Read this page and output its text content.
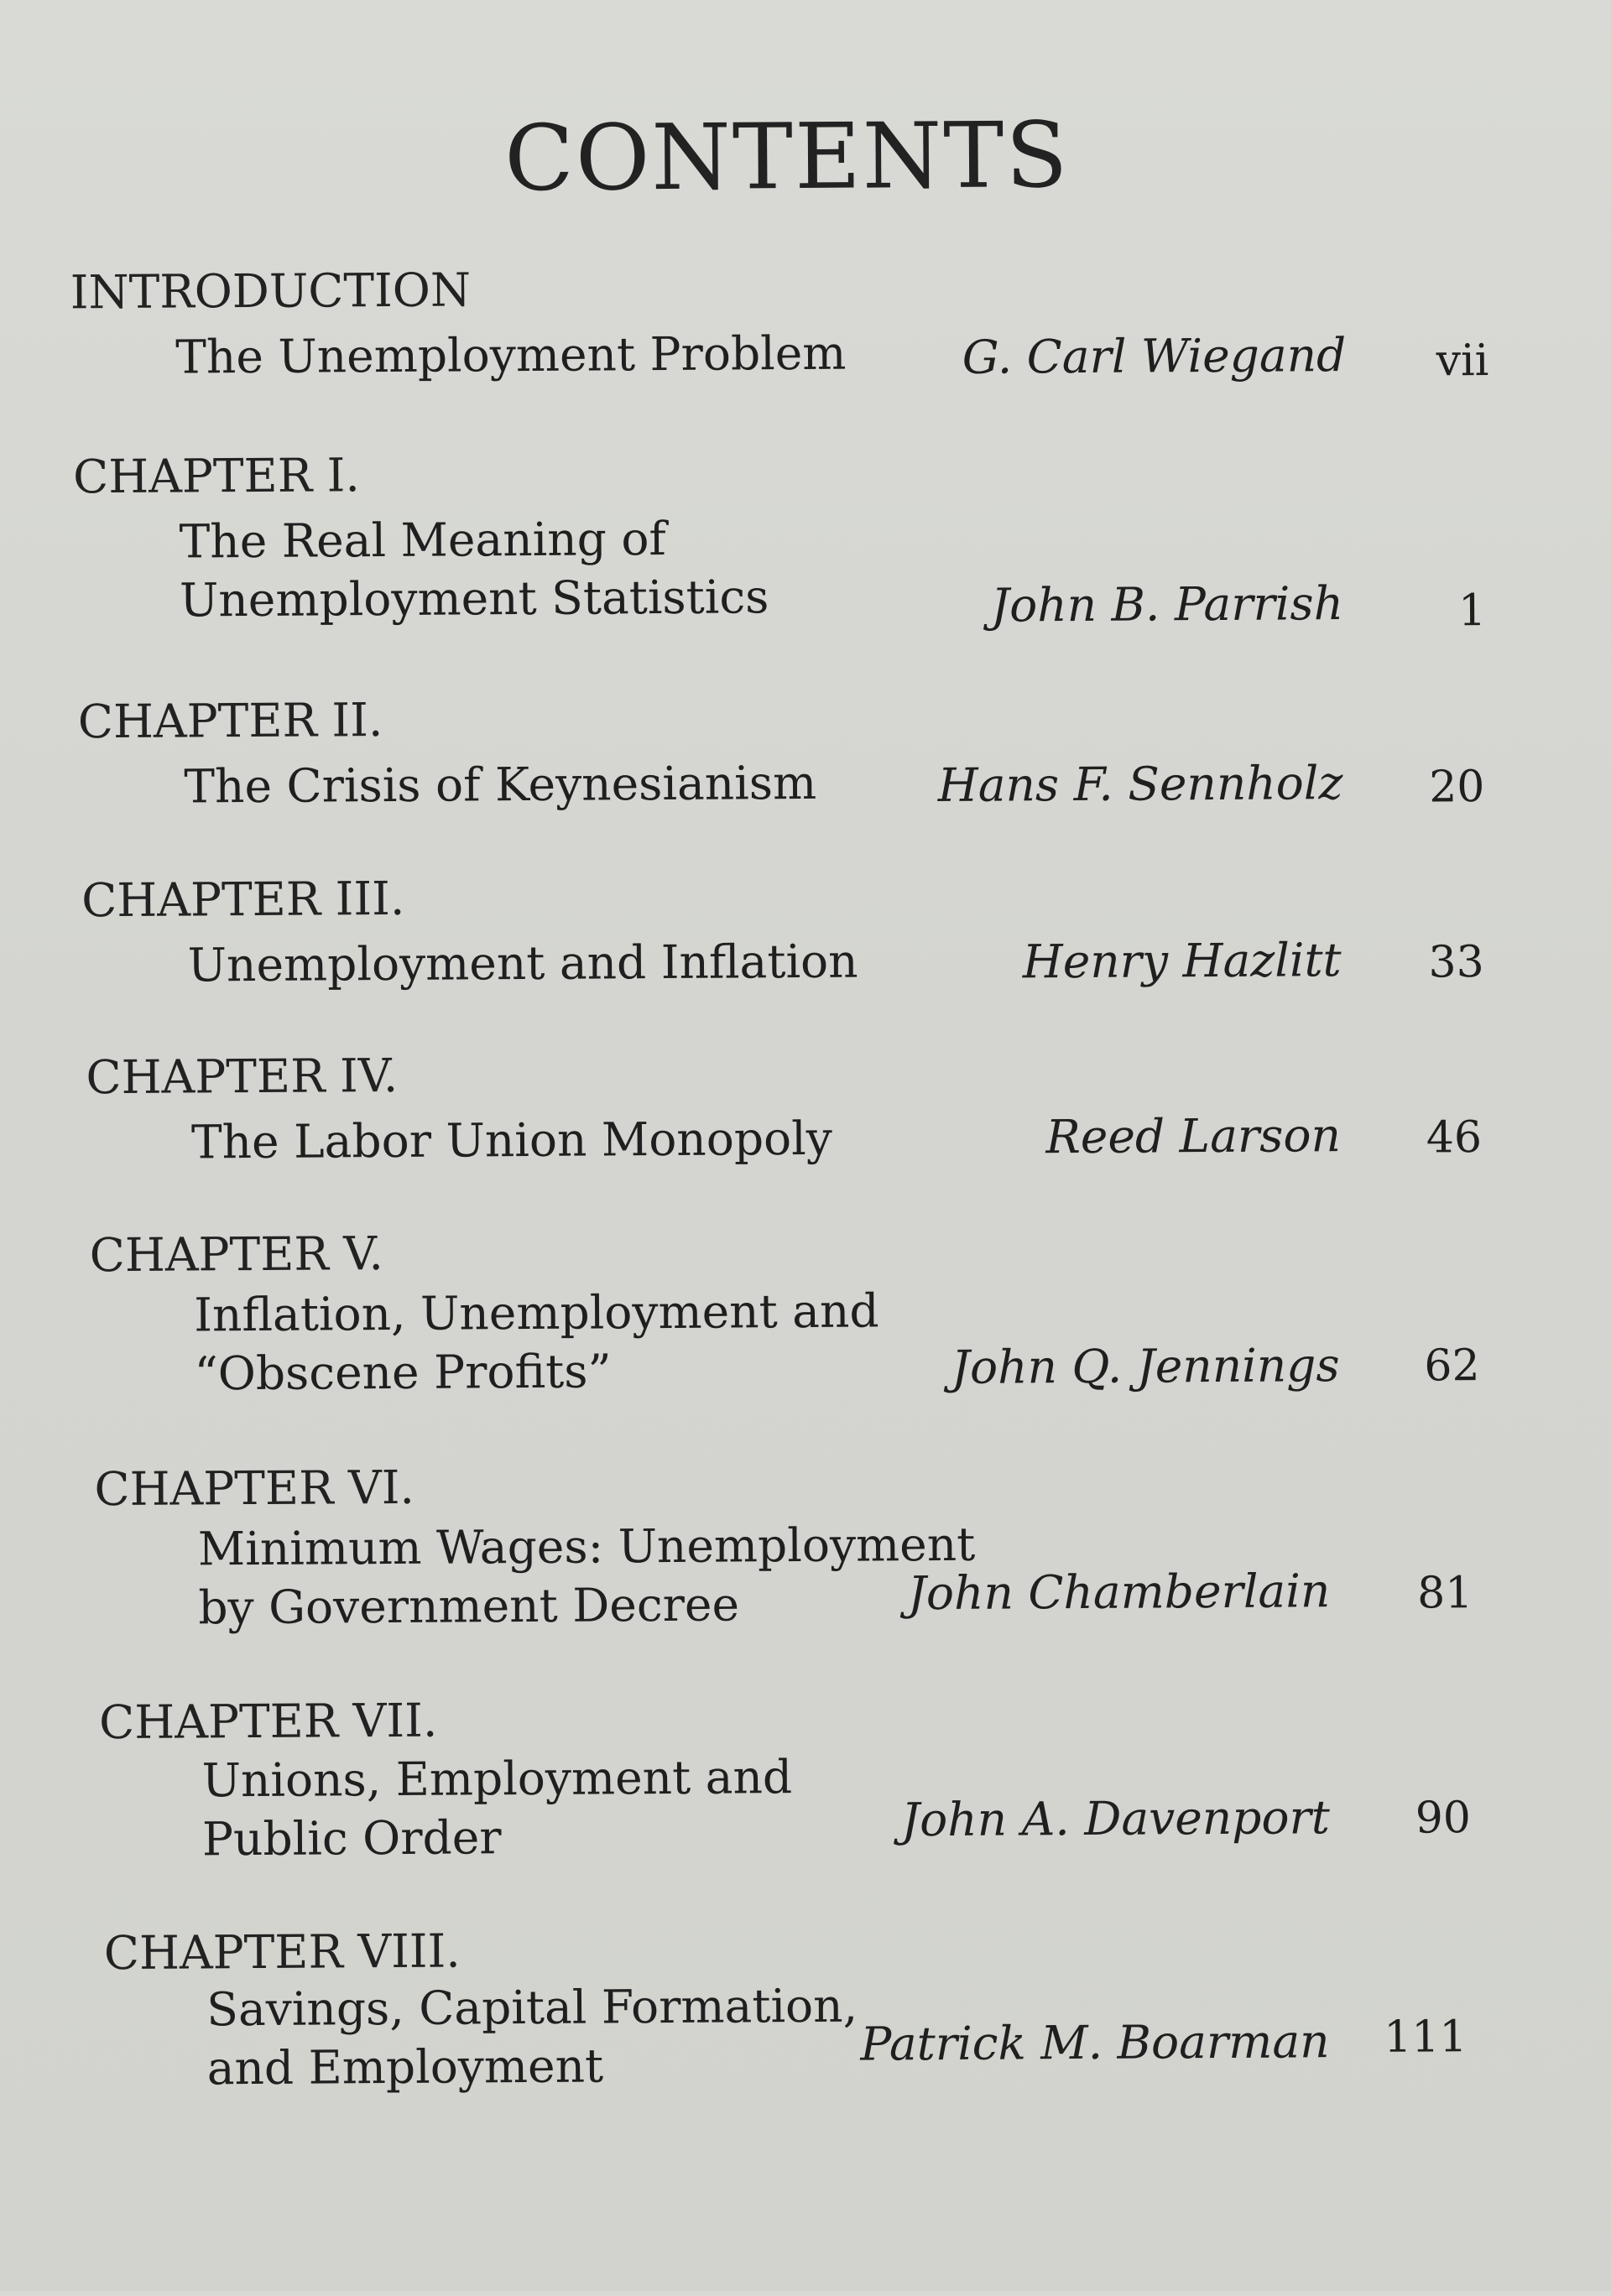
CONTENTS
INTRODUCTION
The Unemployment Problem	G. Carl Wiegand	vii
CHAPTER I.
The Real Meaning of
Unemployment Statistics	John B. Parrish	1
CHAPTER II.
The Crisis of Keynesianism	Hans F. Sennholz	20
CHAPTER III.
Unemployment and Inflation	Henry Hazlitt	33
CHAPTER IV.
The Labor Union Monopoly	Reed Larson	46
CHAPTER V.
Inflation, Unemployment and
“Obscene Profits”	John Q. Jennings	62
CHAPTER VI.
Minimum Wages: Unemployment
by Government Decree	John Chamberlain	81
CHAPTER VII.
Unions, Employment and
Public Order	John A. Davenport	90
CHAPTER VIII.
Savings, Capital Formation,
and Employment	Patrick M. Boarman	111
